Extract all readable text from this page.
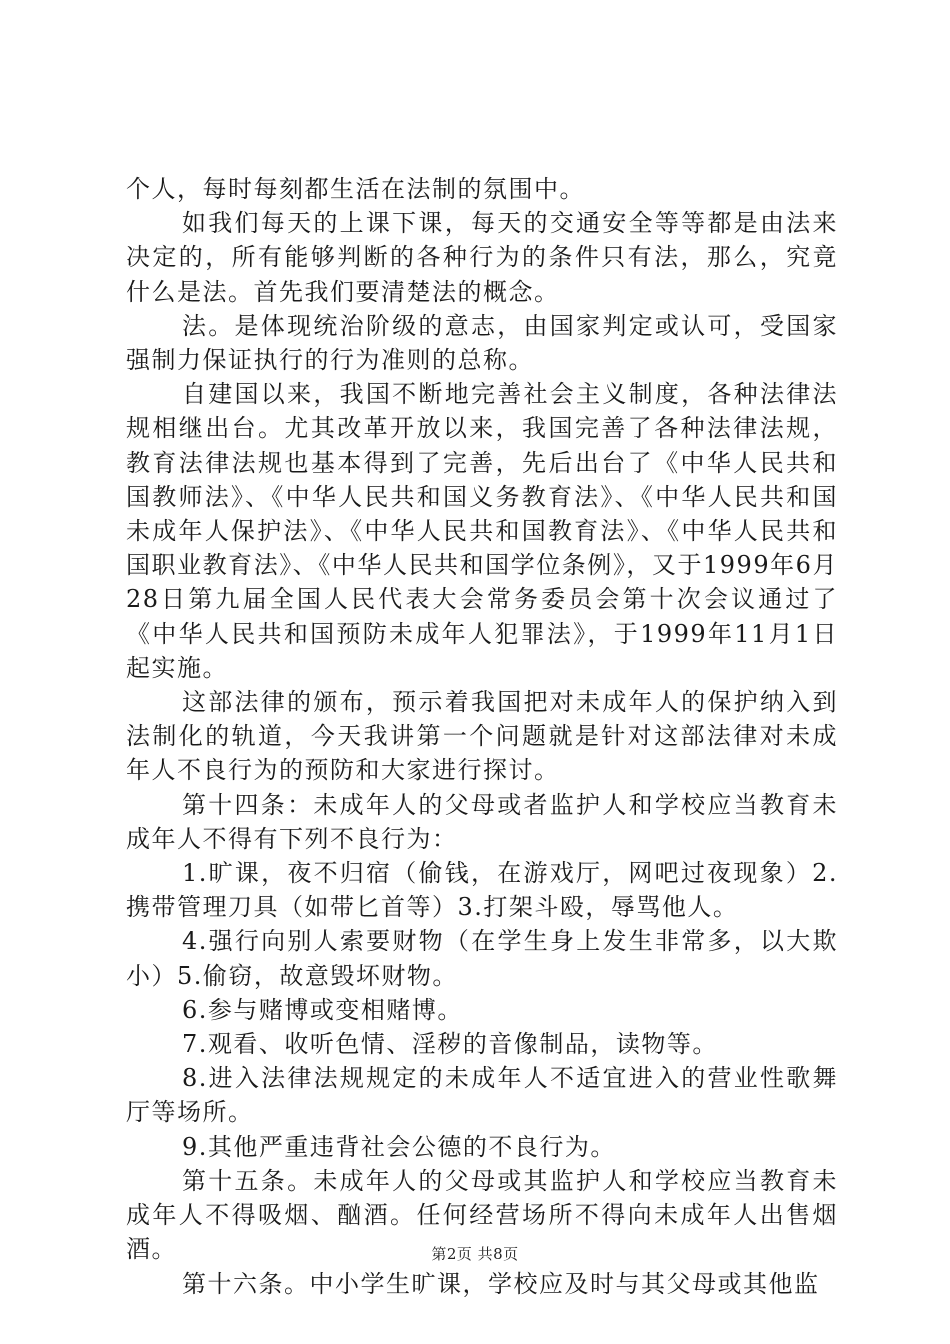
个人，每时每刻都生活在法制的氛围中。

如我们每天的上课下课，每天的交通安全等等都是由法来决定的，所有能够判断的各种行为的条件只有法，那么，究竟什么是法。首先我们要清楚法的概念。

法。是体现统治阶级的意志，由国家判定或认可，受国家强制力保证执行的行为准则的总称。

自建国以来，我国不断地完善社会主义制度，各种法律法规相继出台。尤其改革开放以来，我国完善了各种法律法规，教育法律法规也基本得到了完善，先后出台了《中华人民共和国教师法》、《中华人民共和国义务教育法》、《中华人民共和国未成年人保护法》、《中华人民共和国教育法》、《中华人民共和国职业教育法》、《中华人民共和国学位条例》，又于1999年6月28日第九届全国人民代表大会常务委员会第十次会议通过了《中华人民共和国预防未成年人犯罪法》，于1999年11月1日起实施。

这部法律的颁布，预示着我国把对未成年人的保护纳入到法制化的轨道，今天我讲第一个问题就是针对这部法律对未成年人不良行为的预防和大家进行探讨。

第十四条：未成年人的父母或者监护人和学校应当教育未成年人不得有下列不良行为：

1.旷课，夜不归宿（偷钱，在游戏厅，网吧过夜现象）2.携带管理刀具（如带匕首等）3.打架斗殴，辱骂他人。

4.强行向别人索要财物（在学生身上发生非常多，以大欺小）5.偷窃，故意毁坏财物。

6.参与赌博或变相赌博。

7.观看、收听色情、淫秽的音像制品，读物等。

8.进入法律法规规定的未成年人不适宜进入的营业性歌舞厅等场所。

9.其他严重违背社会公德的不良行为。

第十五条。未成年人的父母或其监护人和学校应当教育未成年人不得吸烟、酗酒。任何经营场所不得向未成年人出售烟酒。

第十六条。中小学生旷课，学校应及时与其父母或其他监

第2页 共8页
